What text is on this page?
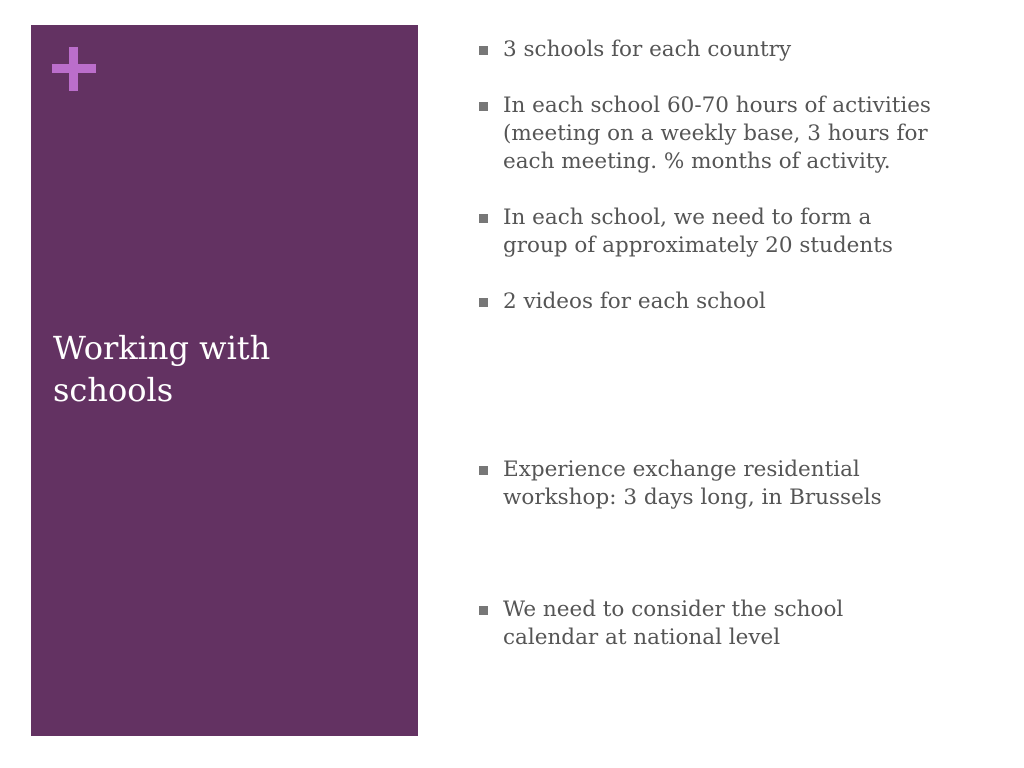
Working with
schools
3 schools for each country
In each school 60-70 hours of activities
(meeting on a weekly base, 3 hours for
each meeting. % months of activity.
In each school, we need to form a
group of approximately 20 students
2 videos for each school
Experience exchange residential
workshop: 3 days long, in Brussels
We need to consider the school
calendar at national level
